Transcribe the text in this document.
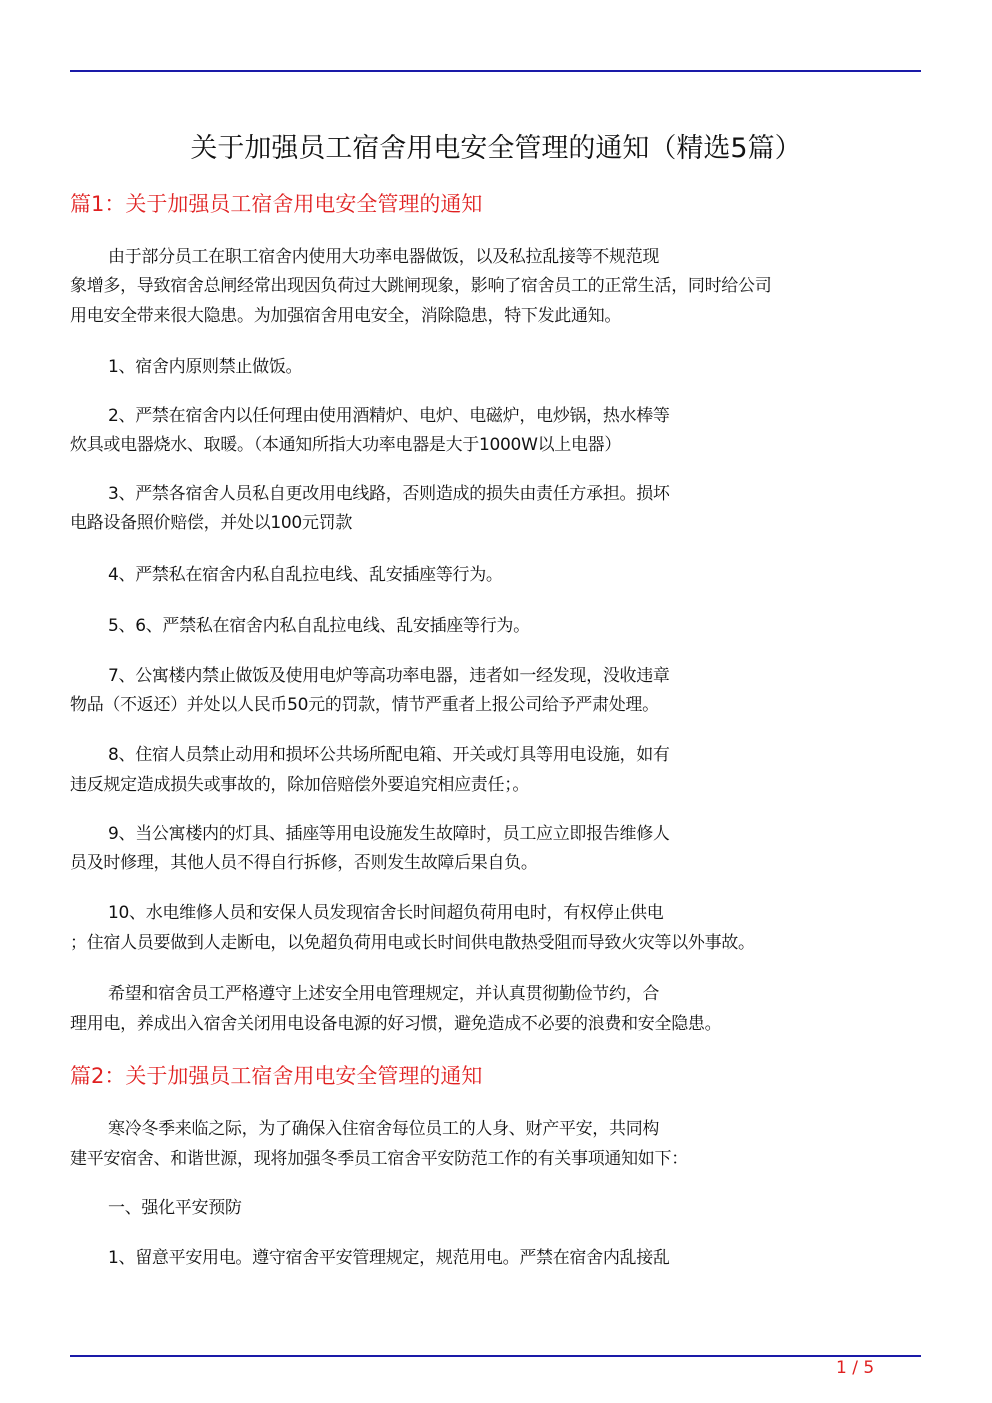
关于加强员工宿舍用电安全管理的通知（精选5篇）
篇1：关于加强员工宿舍用电安全管理的通知
由于部分员工在职工宿舍内使用大功率电器做饭，以及私拉乱接等不规范现
象增多，导致宿舍总闸经常出现因负荷过大跳闸现象，影响了宿舍员工的正常生活，同时给公司
用电安全带来很大隐患。为加强宿舍用电安全，消除隐患，特下发此通知。
1、宿舍内原则禁止做饭。
2、严禁在宿舍内以任何理由使用酒精炉、电炉、电磁炉，电炒锅，热水棒等
炊具或电器烧水、取暖。（本通知所指大功率电器是大于1000W以上电器）
3、严禁各宿舍人员私自更改用电线路，否则造成的损失由责任方承担。损坏
电路设备照价赔偿，并处以100元罚款
4、严禁私在宿舍内私自乱拉电线、乱安插座等行为。
5、6、严禁私在宿舍内私自乱拉电线、乱安插座等行为。
7、公寓楼内禁止做饭及使用电炉等高功率电器，违者如一经发现，没收违章
物品（不返还）并处以人民币50元的罚款，情节严重者上报公司给予严肃处理。
8、住宿人员禁止动用和损坏公共场所配电箱、开关或灯具等用电设施，如有
违反规定造成损失或事故的，除加倍赔偿外要追究相应责任；。
9、当公寓楼内的灯具、插座等用电设施发生故障时，员工应立即报告维修人
员及时修理，其他人员不得自行拆修，否则发生故障后果自负。
10、水电维修人员和安保人员发现宿舍长时间超负荷用电时，有权停止供电
；住宿人员要做到人走断电，以免超负荷用电或长时间供电散热受阻而导致火灾等以外事故。
希望和宿舍员工严格遵守上述安全用电管理规定，并认真贯彻勤俭节约，合
理用电，养成出入宿舍关闭用电设备电源的好习惯，避免造成不必要的浪费和安全隐患。
篇2：关于加强员工宿舍用电安全管理的通知
寒冷冬季来临之际，为了确保入住宿舍每位员工的人身、财产平安，共同构
建平安宿舍、和谐世源，现将加强冬季员工宿舍平安防范工作的有关事项通知如下：
一、强化平安预防
1、留意平安用电。遵守宿舍平安管理规定，规范用电。严禁在宿舍内乱接乱
1 / 5
